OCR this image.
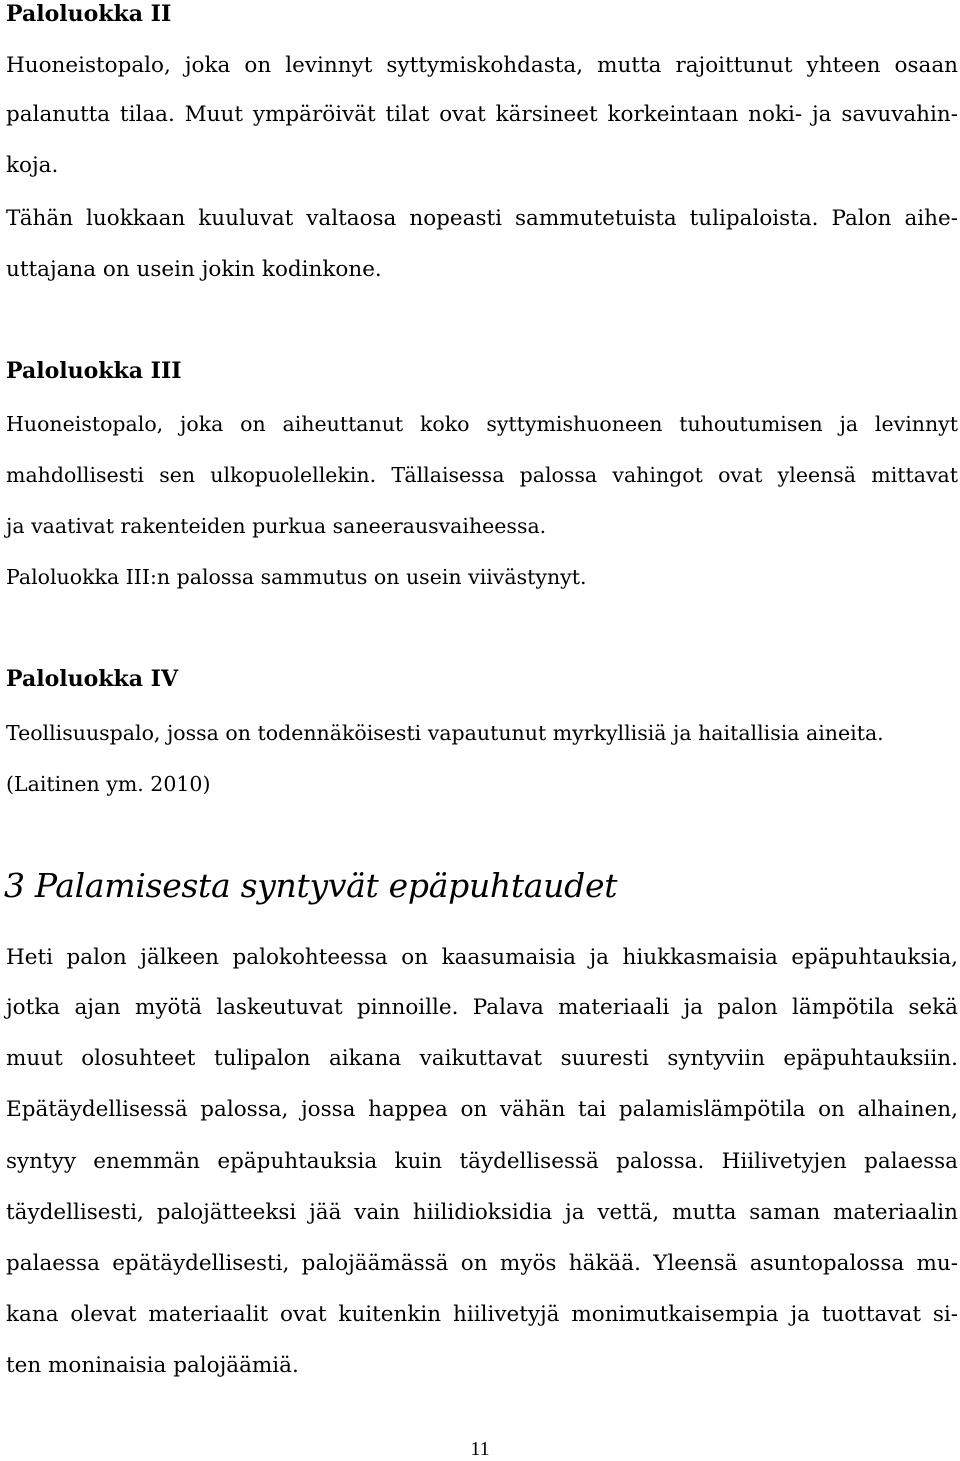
Paloluokka II
Huoneistopalo, joka on levinnyt syttymiskohdasta, mutta rajoittunut yhteen osaan
palanutta tilaa. Muut ympäröivät tilat ovat kärsineet korkeintaan noki- ja savuvahin-
koja.
Tähän luokkaan kuuluvat valtaosa nopeasti sammutetuista tulipaloista. Palon aihe-
uttajana on usein jokin kodinkone.
Paloluokka III
Huoneistopalo, joka on aiheuttanut koko syttymishuoneen tuhoutumisen ja levinnyt
mahdollisesti sen ulkopuolellekin. Tällaisessa palossa vahingot ovat yleensä mittavat
ja vaativat rakenteiden purkua saneerausvaiheessa.
Paloluokka III:n palossa sammutus on usein viivästynyt.
Paloluokka IV
Teollisuuspalo, jossa on todennäköisesti vapautunut myrkyllisiä ja haitallisia aineita.
(Laitinen ym. 2010)
3 Palamisesta syntyvät epäpuhtaudet
Heti palon jälkeen palokohteessa on kaasumaisia ja hiukkasmaisia epäpuhtauksia,
jotka ajan myötä laskeutuvat pinnoille. Palava materiaali ja palon lämpötila sekä
muut olosuhteet tulipalon aikana vaikuttavat suuresti syntyviin epäpuhtauksiin.
Epätäydellisessä palossa, jossa happea on vähän tai palamislämpötila on alhainen,
syntyy enemmän epäpuhtauksia kuin täydellisessä palossa. Hiilivetyjen palaessa
täydellisesti, palojätteeksi jää vain hiilidioksidia ja vettä, mutta saman materiaalin
palaessa epätäydellisesti, palojäämässä on myös häkää. Yleensä asuntopalossa mu-
kana olevat materiaalit ovat kuitenkin hiilivetyjä monimutkaisempia ja tuottavat si-
ten moninaisia palojäämiä.
11
